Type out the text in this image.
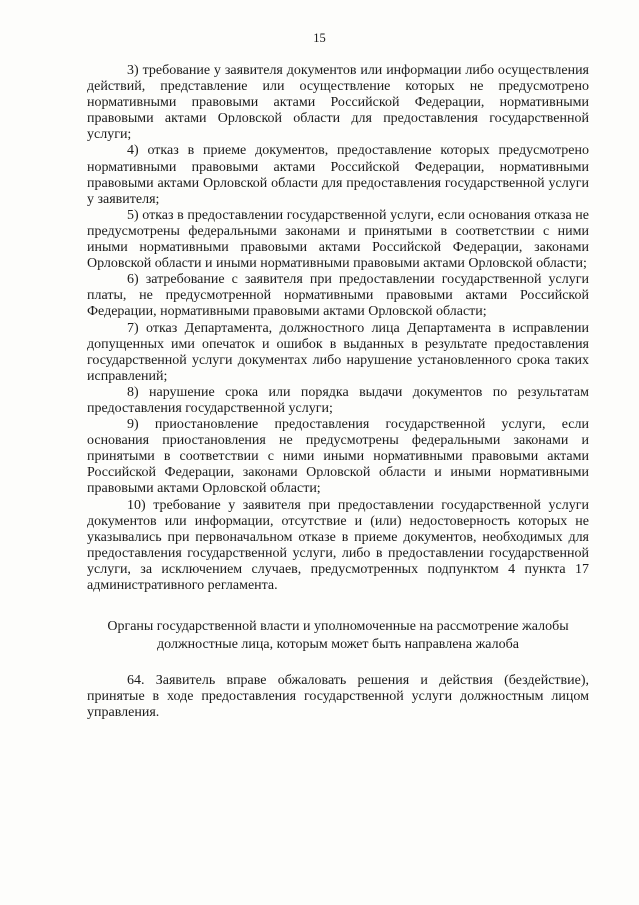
15

3) требование у заявителя документов или информации либо осуществления действий, представление или осуществление которых не предусмотрено нормативными правовыми актами Российской Федерации, нормативными правовыми актами Орловской области для предоставления государственной услуги;

4) отказ в приеме документов, предоставление которых предусмотрено нормативными правовыми актами Российской Федерации, нормативными правовыми актами Орловской области для предоставления государственной услуги у заявителя;

5) отказ в предоставлении государственной услуги, если основания отказа не предусмотрены федеральными законами и принятыми в соответствии с ними иными нормативными правовыми актами Российской Федерации, законами Орловской области и иными нормативными правовыми актами Орловской области;

6) затребование с заявителя при предоставлении государственной услуги платы, не предусмотренной нормативными правовыми актами Российской Федерации, нормативными правовыми актами Орловской области;

7) отказ Департамента, должностного лица Департамента в исправлении допущенных ими опечаток и ошибок в выданных в результате предоставления государственной услуги документах либо нарушение установленного срока таких исправлений;

8) нарушение срока или порядка выдачи документов по результатам предоставления государственной услуги;

9) приостановление предоставления государственной услуги, если основания приостановления не предусмотрены федеральными законами и принятыми в соответствии с ними иными нормативными правовыми актами Российской Федерации, законами Орловской области и иными нормативными правовыми актами Орловской области;

10) требование у заявителя при предоставлении государственной услуги документов или информации, отсутствие и (или) недостоверность которых не указывались при первоначальном отказе в приеме документов, необходимых для предоставления государственной услуги, либо в предоставлении государственной услуги, за исключением случаев, предусмотренных подпунктом 4 пункта 17 административного регламента.

Органы государственной власти и уполномоченные на рассмотрение жалобы должностные лица, которым может быть направлена жалоба

64. Заявитель вправе обжаловать решения и действия (бездействие), принятые в ходе предоставления государственной услуги должностным лицом управления.
